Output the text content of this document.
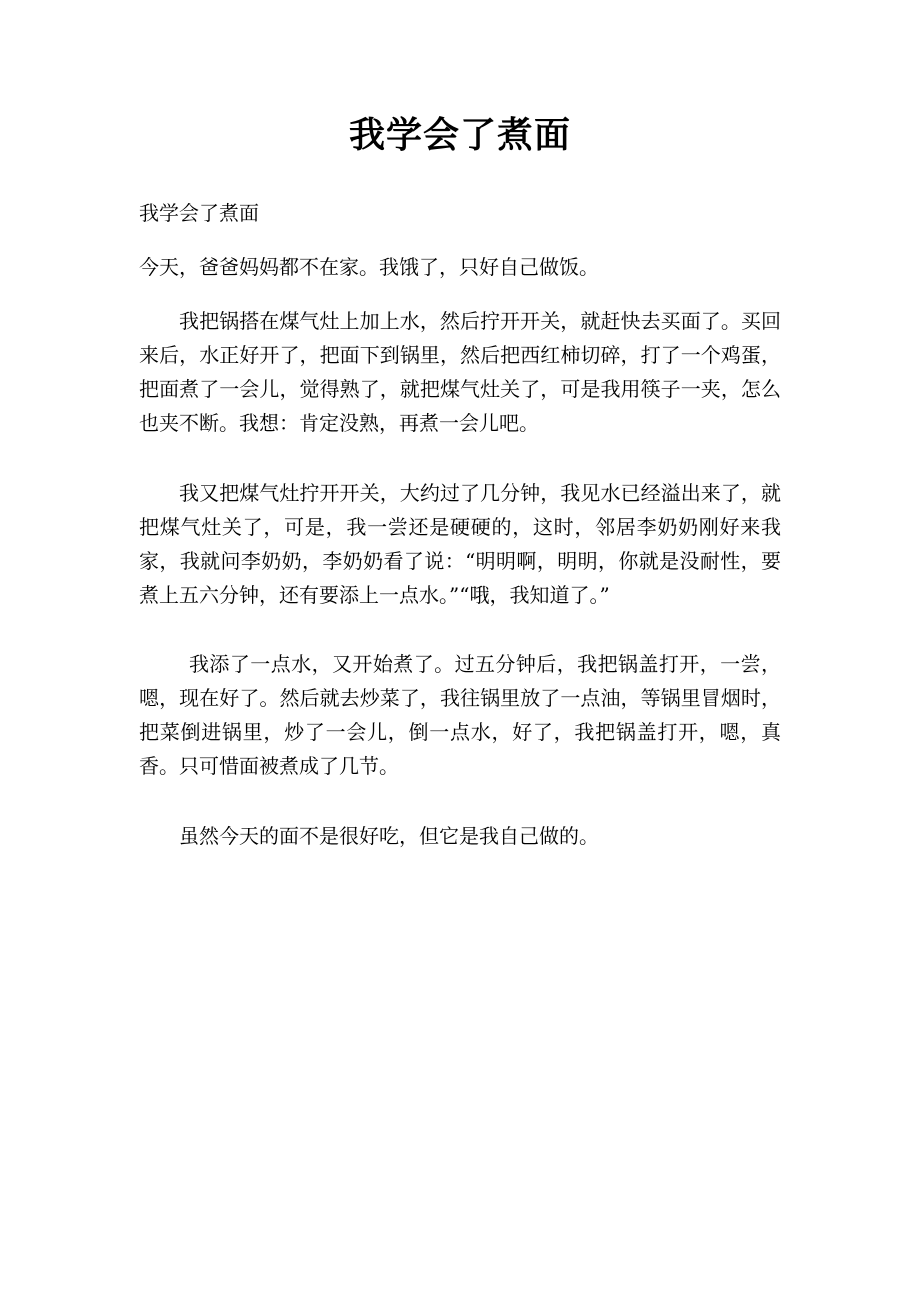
我学会了煮面

我学会了煮面

今天，爸爸妈妈都不在家。我饿了，只好自己做饭。

我把锅搭在煤气灶上加上水，然后拧开开关，就赶快去买面了。买回来后，水正好开了，把面下到锅里，然后把西红柿切碎，打了一个鸡蛋，把面煮了一会儿，觉得熟了，就把煤气灶关了，可是我用筷子一夹，怎么也夹不断。我想：肯定没熟，再煮一会儿吧。

我又把煤气灶拧开开关，大约过了几分钟，我见水已经溢出来了，就把煤气灶关了，可是，我一尝还是硬硬的，这时，邻居李奶奶刚好来我家，我就问李奶奶，李奶奶看了说：“明明啊，明明，你就是没耐性，要煮上五六分钟，还有要添上一点水。”“哦，我知道了。”

我添了一点水，又开始煮了。过五分钟后，我把锅盖打开，一尝，嗯，现在好了。然后就去炒菜了，我往锅里放了一点油，等锅里冒烟时，把菜倒进锅里，炒了一会儿，倒一点水，好了，我把锅盖打开，嗯，真香。只可惜面被煮成了几节。

虽然今天的面不是很好吃，但它是我自己做的。
